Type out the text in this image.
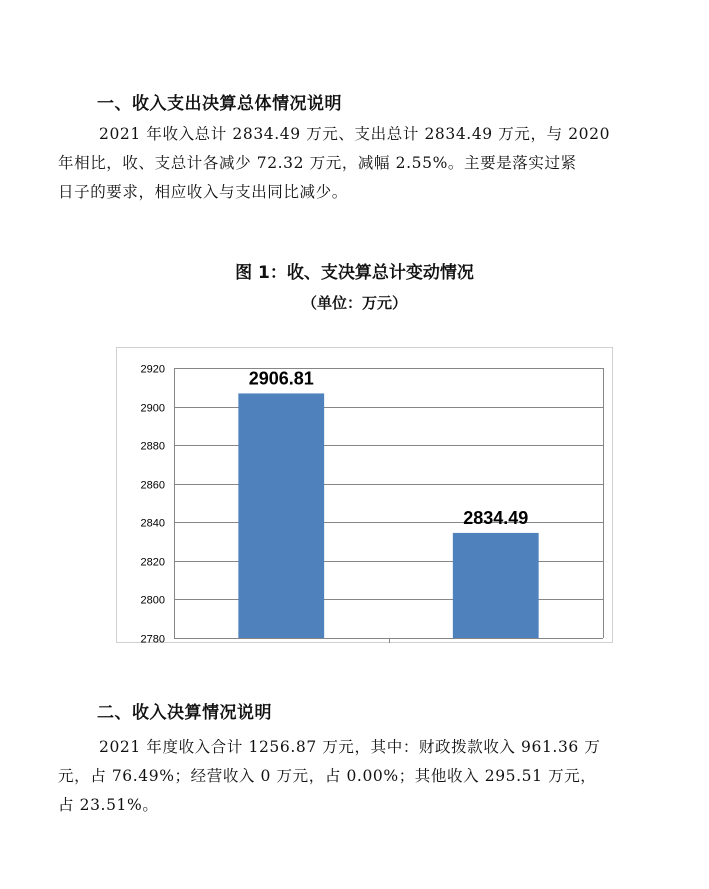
一、收入支出决算总体情况说明
2021 年收入总计 2834.49 万元、支出总计 2834.49 万元，与 2020
年相比，收、支总计各减少 72.32 万元，减幅 2.55%。主要是落实过紧
日子的要求，相应收入与支出同比减少。
图 1：收、支决算总计变动情况
（单位：万元）
2780
2800
2820
2840
2860
2880
2900
2920	2906.81
2834.49
二、收入决算情况说明
2021 年度收入合计 1256.87 万元，其中：财政拨款收入 961.36 万
元，占 76.49%；经营收入 0 万元，占 0.00%；其他收入 295.51 万元，
占 23.51%。
